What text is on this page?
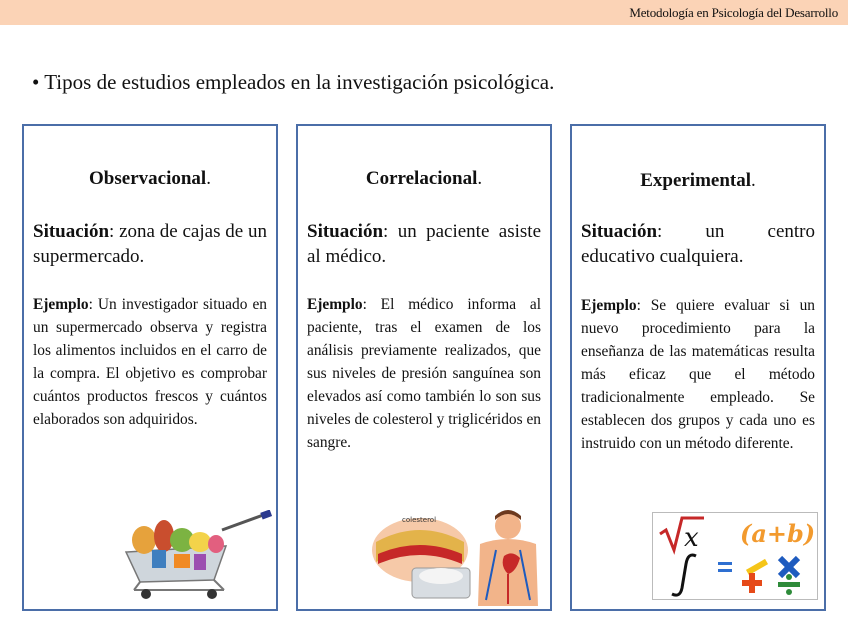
Metodología en Psicología del Desarrollo
• Tipos de estudios empleados en la investigación psicológica.
Observacional.
Situación: zona de cajas de un supermercado.
Ejemplo: Un investigador situado en un supermercado observa y registra los alimentos incluidos en el carro de la compra. El objetivo es comprobar cuántos productos frescos y cuántos elaborados son adquiridos.
Correlacional.
Situación: un paciente asiste al médico.
Ejemplo: El médico informa al paciente, tras el examen de los análisis previamente realizados, que sus niveles de presión sanguínea son elevados así como también lo son sus niveles de colesterol y triglicéridos en sangre.
colesterol
Experimental.
Situación: un centro educativo cualquiera.
Ejemplo: Se quiere evaluar si un nuevo procedimiento para la enseñanza de las matemáticas resulta más eficaz que el método tradicionalmente empleado. Se establecen dos grupos y cada uno es instruido con un método diferente.
x (a+b)
